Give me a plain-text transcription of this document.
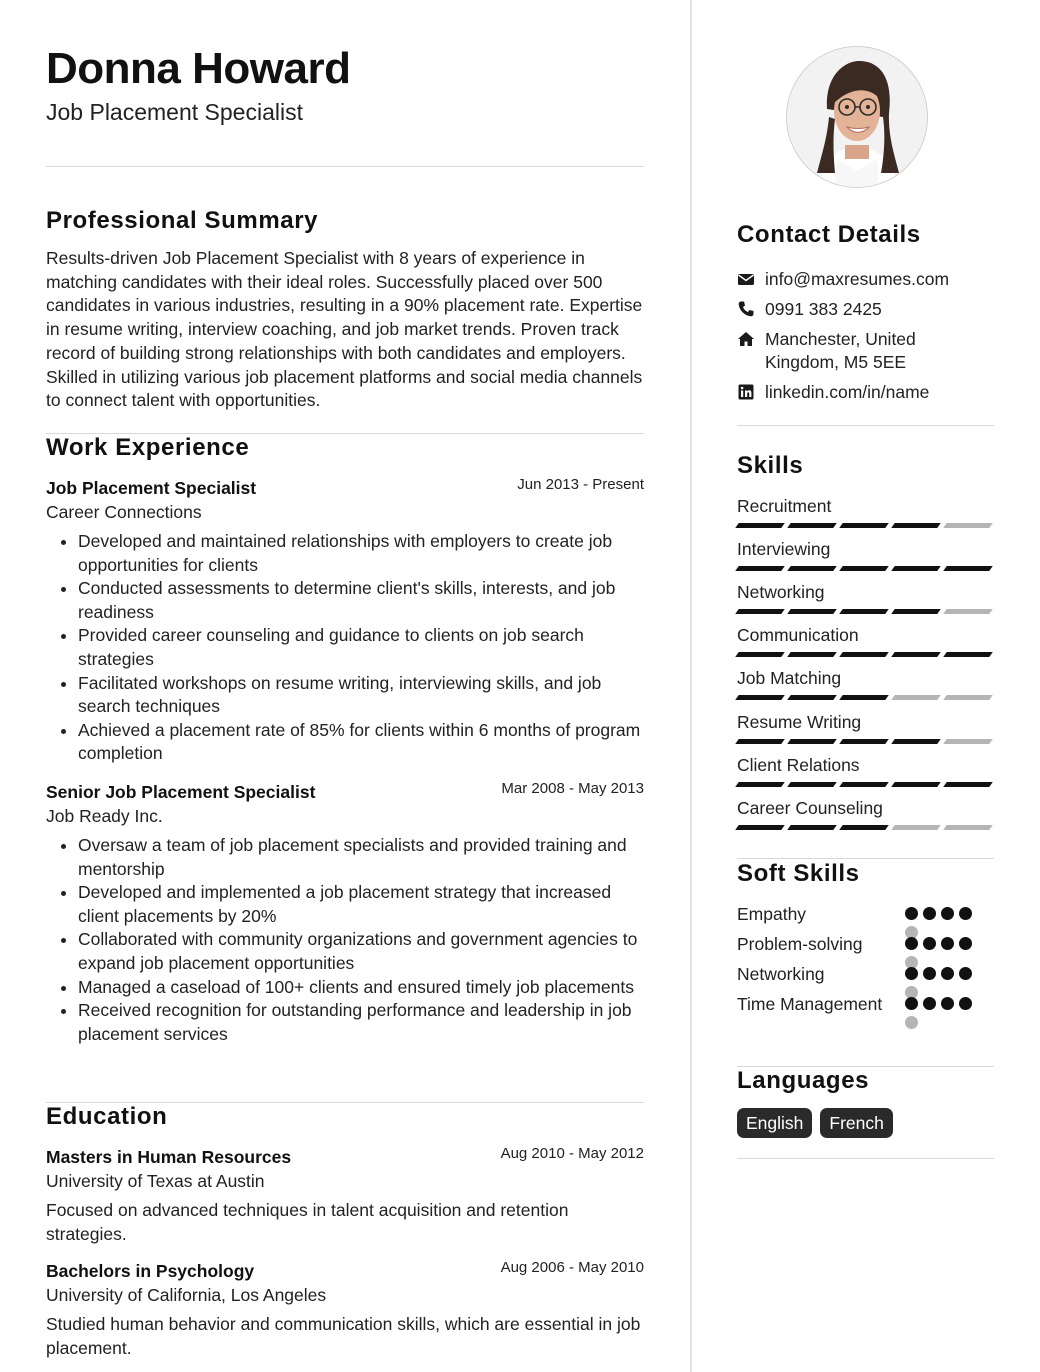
Donna Howard
Job Placement Specialist
Professional Summary

Results-driven Job Placement Specialist with 8 years of experience in matching candidates with their ideal roles. Successfully placed over 500 candidates in various industries, resulting in a 90% placement rate. Expertise in resume writing, interview coaching, and job market trends. Proven track record of building strong relationships with both candidates and employers. Skilled in utilizing various job placement platforms and social media channels to connect talent with opportunities.

Work Experience
Job Placement Specialist	Jun 2013 - Present
Career Connections
• Developed and maintained relationships with employers to create job opportunities for clients
• Conducted assessments to determine client's skills, interests, and job readiness
• Provided career counseling and guidance to clients on job search strategies
• Facilitated workshops on resume writing, interviewing skills, and job search techniques
• Achieved a placement rate of 85% for clients within 6 months of program completion
Senior Job Placement Specialist	Mar 2008 - May 2013
Job Ready Inc.
• Oversaw a team of job placement specialists and provided training and mentorship
• Developed and implemented a job placement strategy that increased client placements by 20%
• Collaborated with community organizations and government agencies to expand job placement opportunities
• Managed a caseload of 100+ clients and ensured timely job placements
• Received recognition for outstanding performance and leadership in job placement services
Education
Masters in Human Resources	Aug 2010 - May 2012
University of Texas at Austin

Focused on advanced techniques in talent acquisition and retention strategies.

Bachelors in Psychology	Aug 2006 - May 2010
University of California, Los Angeles

Studied human behavior and communication skills, which are essential in job placement.

Contact Details
info@maxresumes.com
0991 383 2425
Manchester, United
Kingdom, M5 5EE
linkedin.com/in/name
Skills
Recruitment
Interviewing
Networking
Communication
Job Matching
Resume Writing
Client Relations
Career Counseling
Soft Skills
Empathy
Problem-solving
Networking
Time Management
Languages
English	French
